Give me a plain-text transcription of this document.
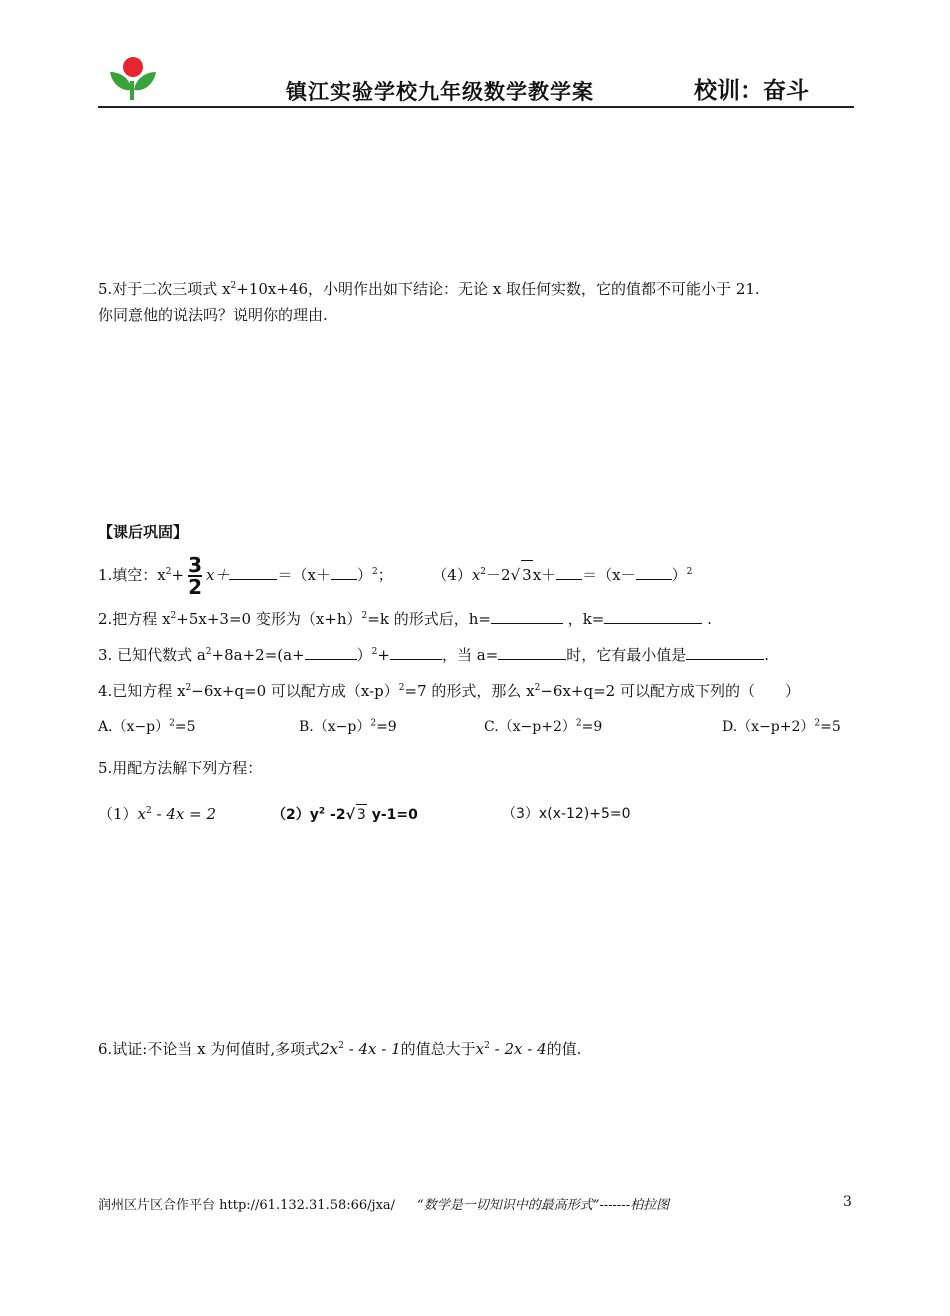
镇江实验学校九年级数学教学案	校训：奋斗
5.对于二次三项式 $x^2+10x+46$，小明作出如下结论：无论 x 取任何实数，它的值都不可能小于 21.
你同意他的说法吗？说明你的理由.
【课后巩固】
1.填空：$x^2+ \frac{3}{2} x+$	$=(x+ )^2$；	$(4)x^2-2√$ $3x+ =(x- )^2$
2.把方程 $x^2+5x+3=0$ 变形为$(x+h)^2=k$ 的形式后，h=	，k=	.
3. 已知代数式 $a^2+8a+2=(a+$	）$^2$+	，当 a=	时，它有最小值是	.
4.已知方程 $x^2-6x+q=0$ 可以配方成$(x-p)^2=7$ 的形式，那么 $x^2-6x+q=2$ 可以配方成下列的（ ）
$A.(x-p)^2=5$	$B.(x-p)^2=9$	$C.(x-p+2)^2=9$	$D.(x-p+2)^2=5$
5.用配方法解下列方程：
$(1)x^2 - 4x = 2$	$(2)y^2$ -2√ 3 y-1=0	（3）x(x-12)+5=0
6.试证:不论当 x 为何值时,多项式$2x^2 - 4x - 1$的值总大于$x^2 - 2x - 4$的值.
润州区片区合作平台 http://61.132.31.58:66/jxa/ “数学是一切知识中的最高形式”-------柏拉图	3
